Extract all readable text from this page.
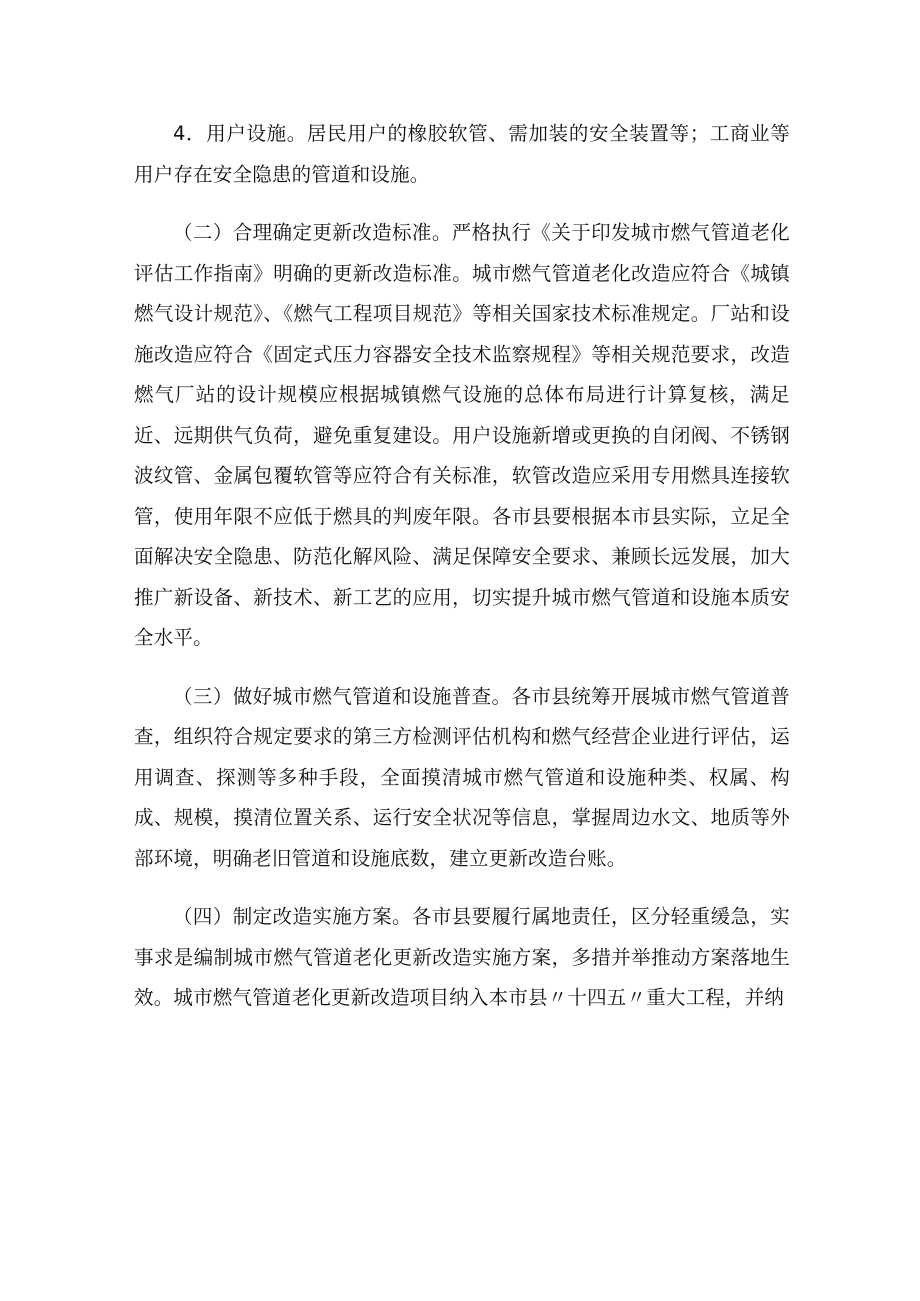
4．用户设施。居民用户的橡胶软管、需加装的安全装置等；工商业等用户存在安全隐患的管道和设施。

（二）合理确定更新改造标准。严格执行《关于印发城市燃气管道老化评估工作指南》明确的更新改造标准。城市燃气管道老化改造应符合《城镇燃气设计规范》、《燃气工程项目规范》等相关国家技术标准规定。厂站和设施改造应符合《固定式压力容器安全技术监察规程》等相关规范要求，改造燃气厂站的设计规模应根据城镇燃气设施的总体布局进行计算复核，满足近、远期供气负荷，避免重复建设。用户设施新增或更换的自闭阀、不锈钢波纹管、金属包覆软管等应符合有关标准，软管改造应采用专用燃具连接软管，使用年限不应低于燃具的判废年限。各市县要根据本市县实际，立足全面解决安全隐患、防范化解风险、满足保障安全要求、兼顾长远发展，加大推广新设备、新技术、新工艺的应用，切实提升城市燃气管道和设施本质安全水平。

（三）做好城市燃气管道和设施普查。各市县统筹开展城市燃气管道普查，组织符合规定要求的第三方检测评估机构和燃气经营企业进行评估，运用调查、探测等多种手段，全面摸清城市燃气管道和设施种类、权属、构成、规模，摸清位置关系、运行安全状况等信息，掌握周边水文、地质等外部环境，明确老旧管道和设施底数，建立更新改造台账。

（四）制定改造实施方案。各市县要履行属地责任，区分轻重缓急，实事求是编制城市燃气管道老化更新改造实施方案，多措并举推动方案落地生效。城市燃气管道老化更新改造项目纳入本市县〃十四五〃重大工程，并纳
